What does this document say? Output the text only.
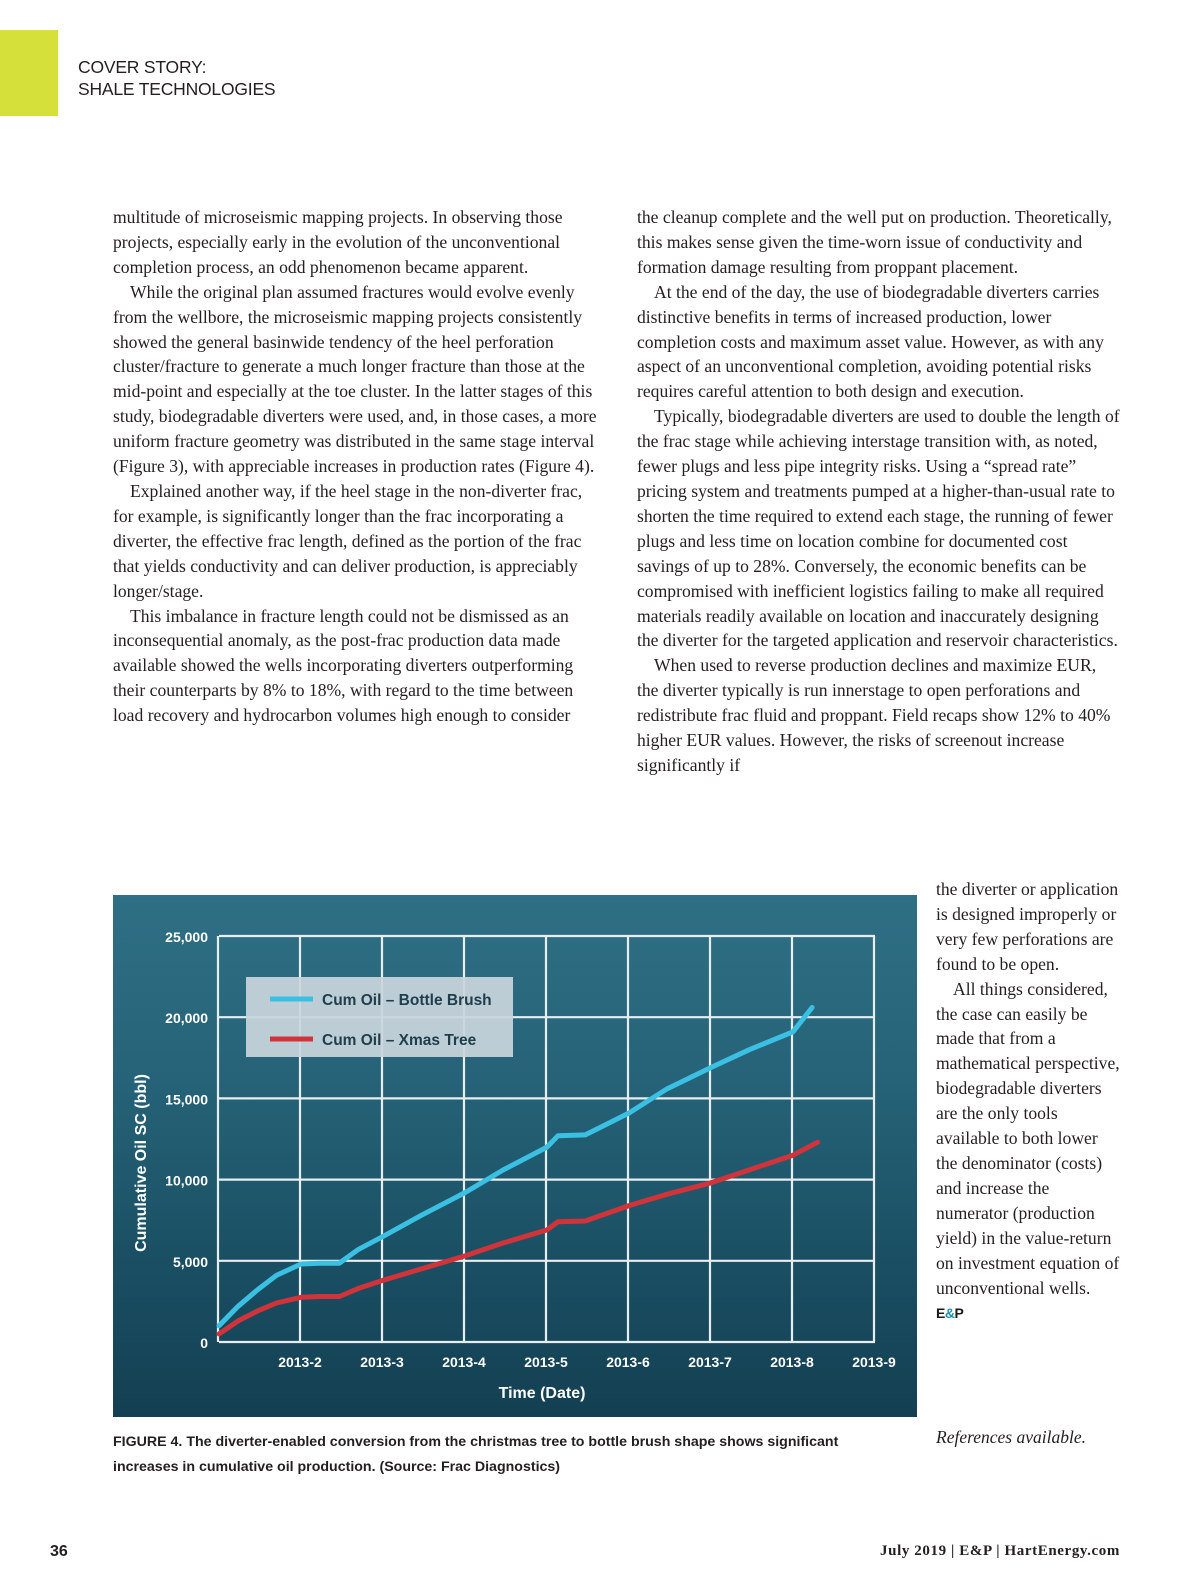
COVER STORY:
SHALE TECHNOLOGIES

multitude of microseismic mapping projects. In observing those projects, especially early in the evolution of the unconventional completion process, an odd phenomenon became apparent.

While the original plan assumed fractures would evolve evenly from the wellbore, the microseismic mapping projects consistently showed the general basinwide tendency of the heel perforation cluster/fracture to generate a much longer fracture than those at the mid-point and especially at the toe cluster. In the latter stages of this study, biodegradable diverters were used, and, in those cases, a more uniform fracture geometry was distributed in the same stage interval (Figure 3), with appreciable increases in production rates (Figure 4).

Explained another way, if the heel stage in the non-diverter frac, for example, is significantly longer than the frac incorporating a diverter, the effective frac length, defined as the portion of the frac that yields conductivity and can deliver production, is appreciably longer/stage.

This imbalance in fracture length could not be dismissed as an inconsequential anomaly, as the post-frac production data made available showed the wells incorporating diverters outperforming their counterparts by 8% to 18%, with regard to the time between load recovery and hydrocarbon volumes high enough to consider

the cleanup complete and the well put on production. Theoretically, this makes sense given the time-worn issue of conductivity and formation damage resulting from proppant placement.

At the end of the day, the use of biodegradable diverters carries distinctive benefits in terms of increased production, lower completion costs and maximum asset value. However, as with any aspect of an unconventional completion, avoiding potential risks requires careful attention to both design and execution.

Typically, biodegradable diverters are used to double the length of the frac stage while achieving interstage transition with, as noted, fewer plugs and less pipe integrity risks. Using a “spread rate” pricing system and treatments pumped at a higher-than-usual rate to shorten the time required to extend each stage, the running of fewer plugs and less time on location combine for documented cost savings of up to 28%. Conversely, the economic benefits can be compromised with inefficient logistics failing to make all required materials readily available on location and inaccurately designing the diverter for the targeted application and reservoir characteristics.

When used to reverse production declines and maximize EUR, the diverter typically is run innerstage to open perforations and redistribute frac fluid and proppant. Field recaps show 12% to 40% higher EUR values. However, the risks of screenout increase significantly if

the diverter or application is designed improperly or very few perforations are found to be open.

All things considered, the case can easily be made that from a mathematical perspective, biodegradable diverters are the only tools available to both lower the denominator (costs) and increase the numerator (production yield) in the value-return on investment equation of unconventional wells. E&P

References available.
0
5,000
10,000
15,000
20,000
25,000
2013-2	2013-3	2013-4	2013-5	2013-6	2013-7	2013-8	2013-9
Time (Date)
Cumulative Oil SC (bbl)
Cum Oil – Bottle Brush
Cum Oil – Xmas Tree
FIGURE 4. The diverter-enabled conversion from the christmas tree to bottle brush shape shows significant increases in cumulative oil production. (Source: Frac Diagnostics)
36	July 2019 | E&P | HartEnergy.com
